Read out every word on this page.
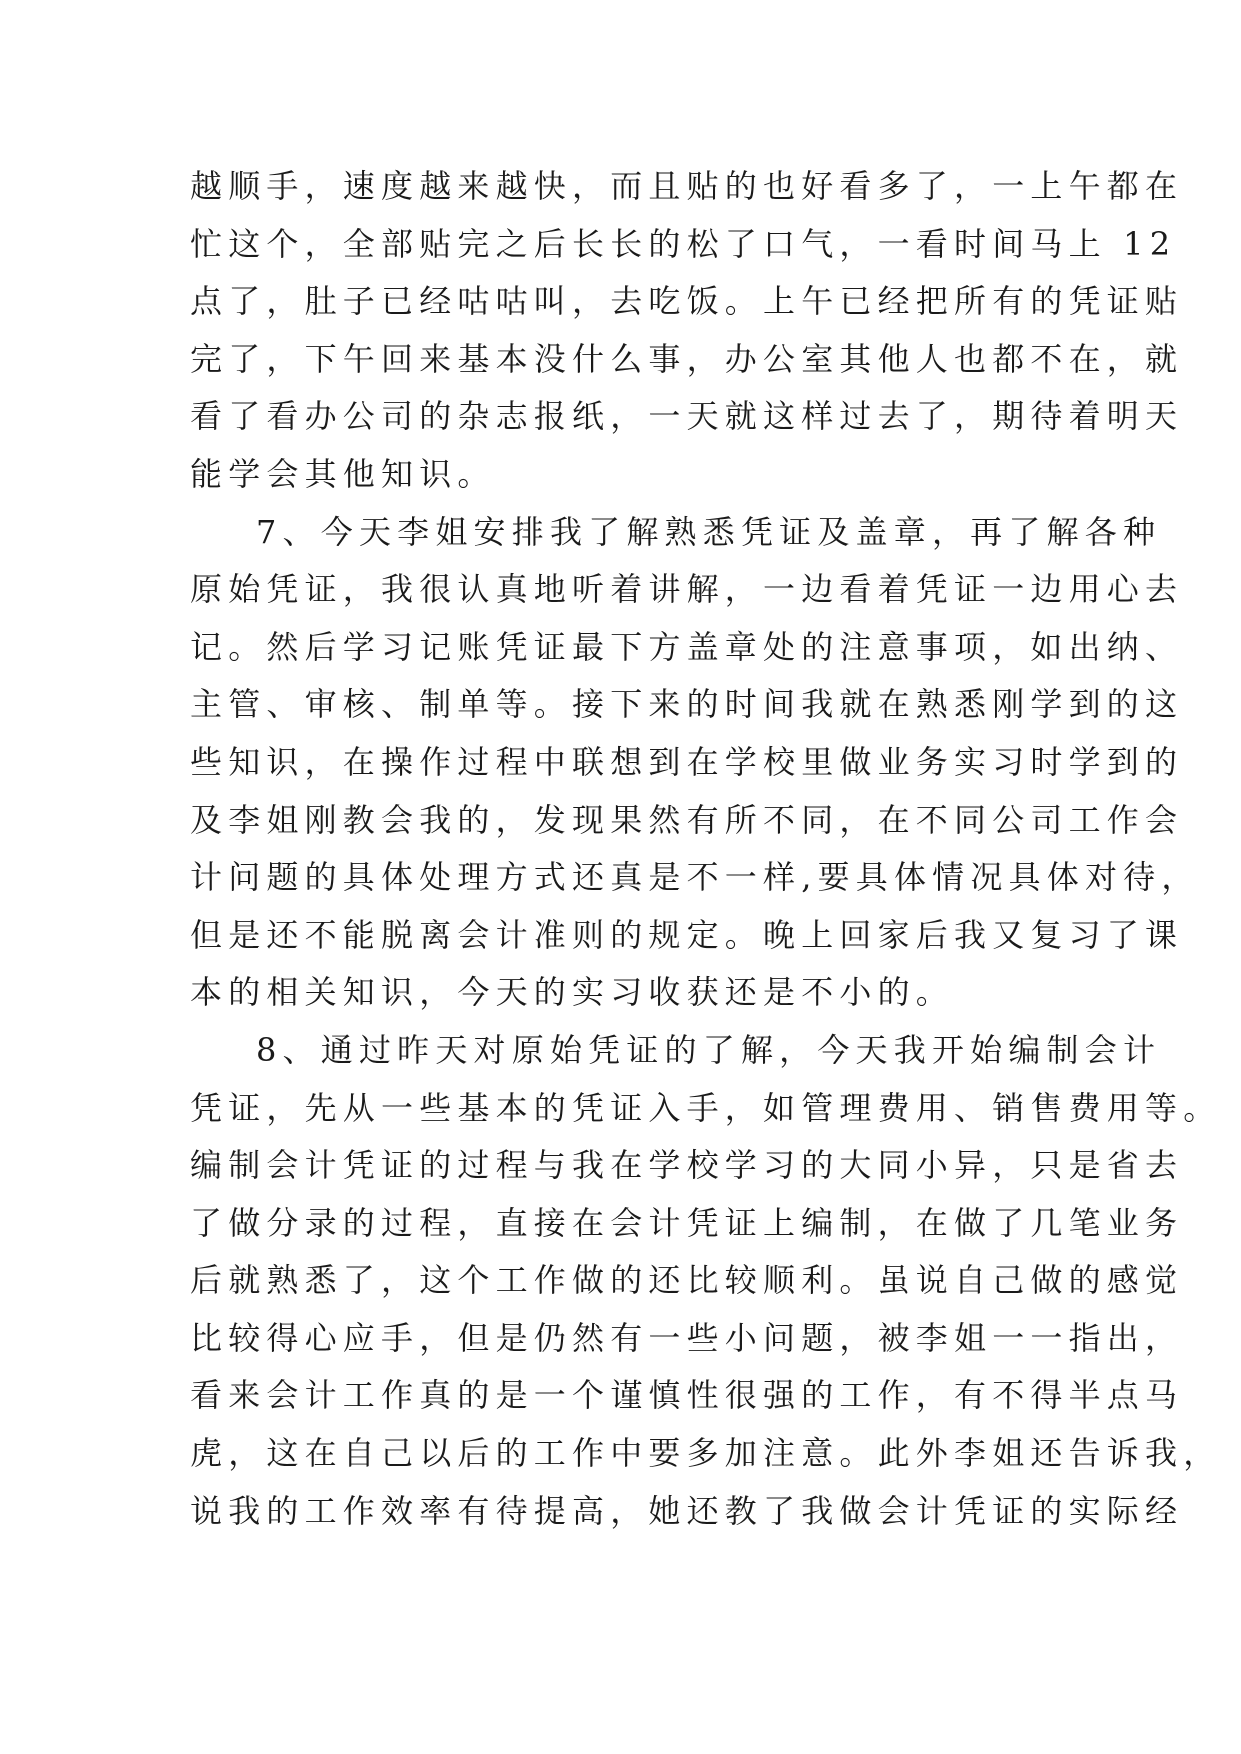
越顺手，速度越来越快，而且贴的也好看多了，一上午都在
忙这个，全部贴完之后长长的松了口气，一看时间马上 12
点了，肚子已经咕咕叫，去吃饭。上午已经把所有的凭证贴
完了，下午回来基本没什么事，办公室其他人也都不在，就
看了看办公司的杂志报纸，一天就这样过去了，期待着明天
能学会其他知识。
7、今天李姐安排我了解熟悉凭证及盖章，再了解各种
原始凭证，我很认真地听着讲解，一边看着凭证一边用心去
记。然后学习记账凭证最下方盖章处的注意事项，如出纳、
主管、审核、制单等。接下来的时间我就在熟悉刚学到的这
些知识，在操作过程中联想到在学校里做业务实习时学到的
及李姐刚教会我的，发现果然有所不同，在不同公司工作会
计问题的具体处理方式还真是不一样,要具体情况具体对待，
但是还不能脱离会计准则的规定。晚上回家后我又复习了课
本的相关知识，今天的实习收获还是不小的。
8、通过昨天对原始凭证的了解，今天我开始编制会计
凭证，先从一些基本的凭证入手，如管理费用、销售费用等。
编制会计凭证的过程与我在学校学习的大同小异，只是省去
了做分录的过程，直接在会计凭证上编制，在做了几笔业务
后就熟悉了，这个工作做的还比较顺利。虽说自己做的感觉
比较得心应手，但是仍然有一些小问题，被李姐一一指出，
看来会计工作真的是一个谨慎性很强的工作，有不得半点马
虎，这在自己以后的工作中要多加注意。此外李姐还告诉我，
说我的工作效率有待提高，她还教了我做会计凭证的实际经
